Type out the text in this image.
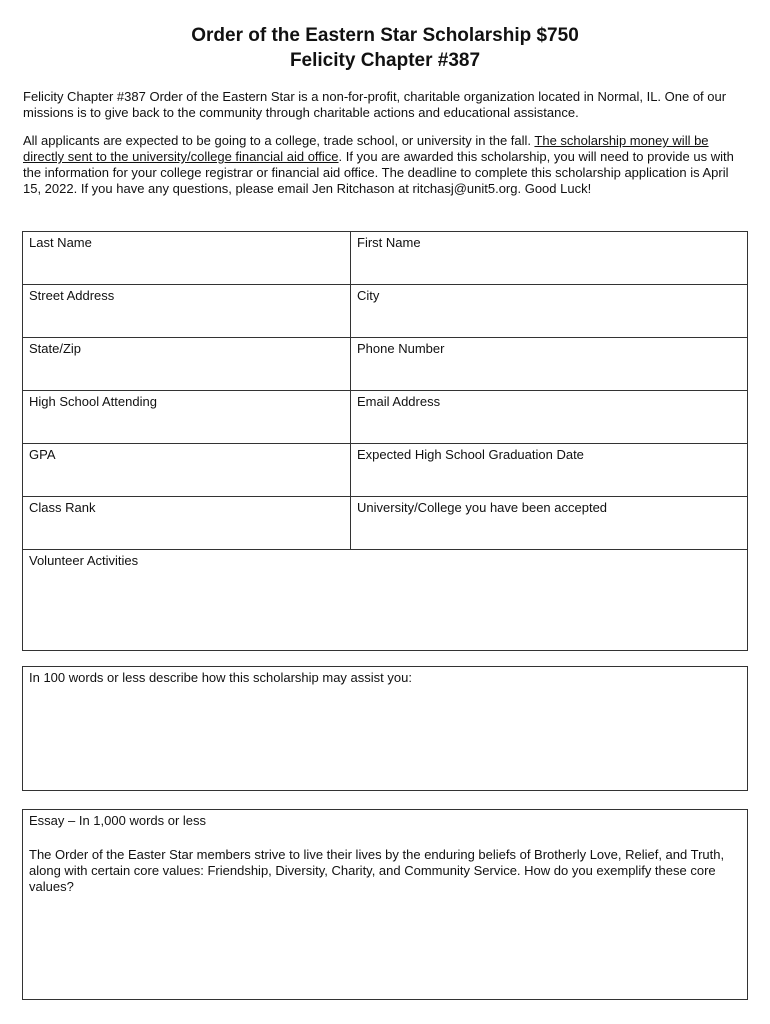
Order of the Eastern Star Scholarship $750
Felicity Chapter #387

Felicity Chapter #387 Order of the Eastern Star is a non-for-profit, charitable organization located in Normal, IL. One of our missions is to give back to the community through charitable actions and educational assistance.

All applicants are expected to be going to a college, trade school, or university in the fall. The scholarship money will be directly sent to the university/college financial aid office. If you are awarded this scholarship, you will need to provide us with the information for your college registrar or financial aid office. The deadline to complete this scholarship application is April 15, 2022. If you have any questions, please email Jen Ritchason at ritchasj@unit5.org. Good Luck!

Last Name	First Name
Street Address	City
State/Zip	Phone Number
High School Attending	Email Address
GPA	Expected High School Graduation Date
Class Rank	University/College you have been accepted
Volunteer Activities	

In 100 words or less describe how this scholarship may assist you:

Essay – In 1,000 words or less

The Order of the Easter Star members strive to live their lives by the enduring beliefs of Brotherly Love, Relief, and Truth, along with certain core values: Friendship, Diversity, Charity, and Community Service. How do you exemplify these core values?
